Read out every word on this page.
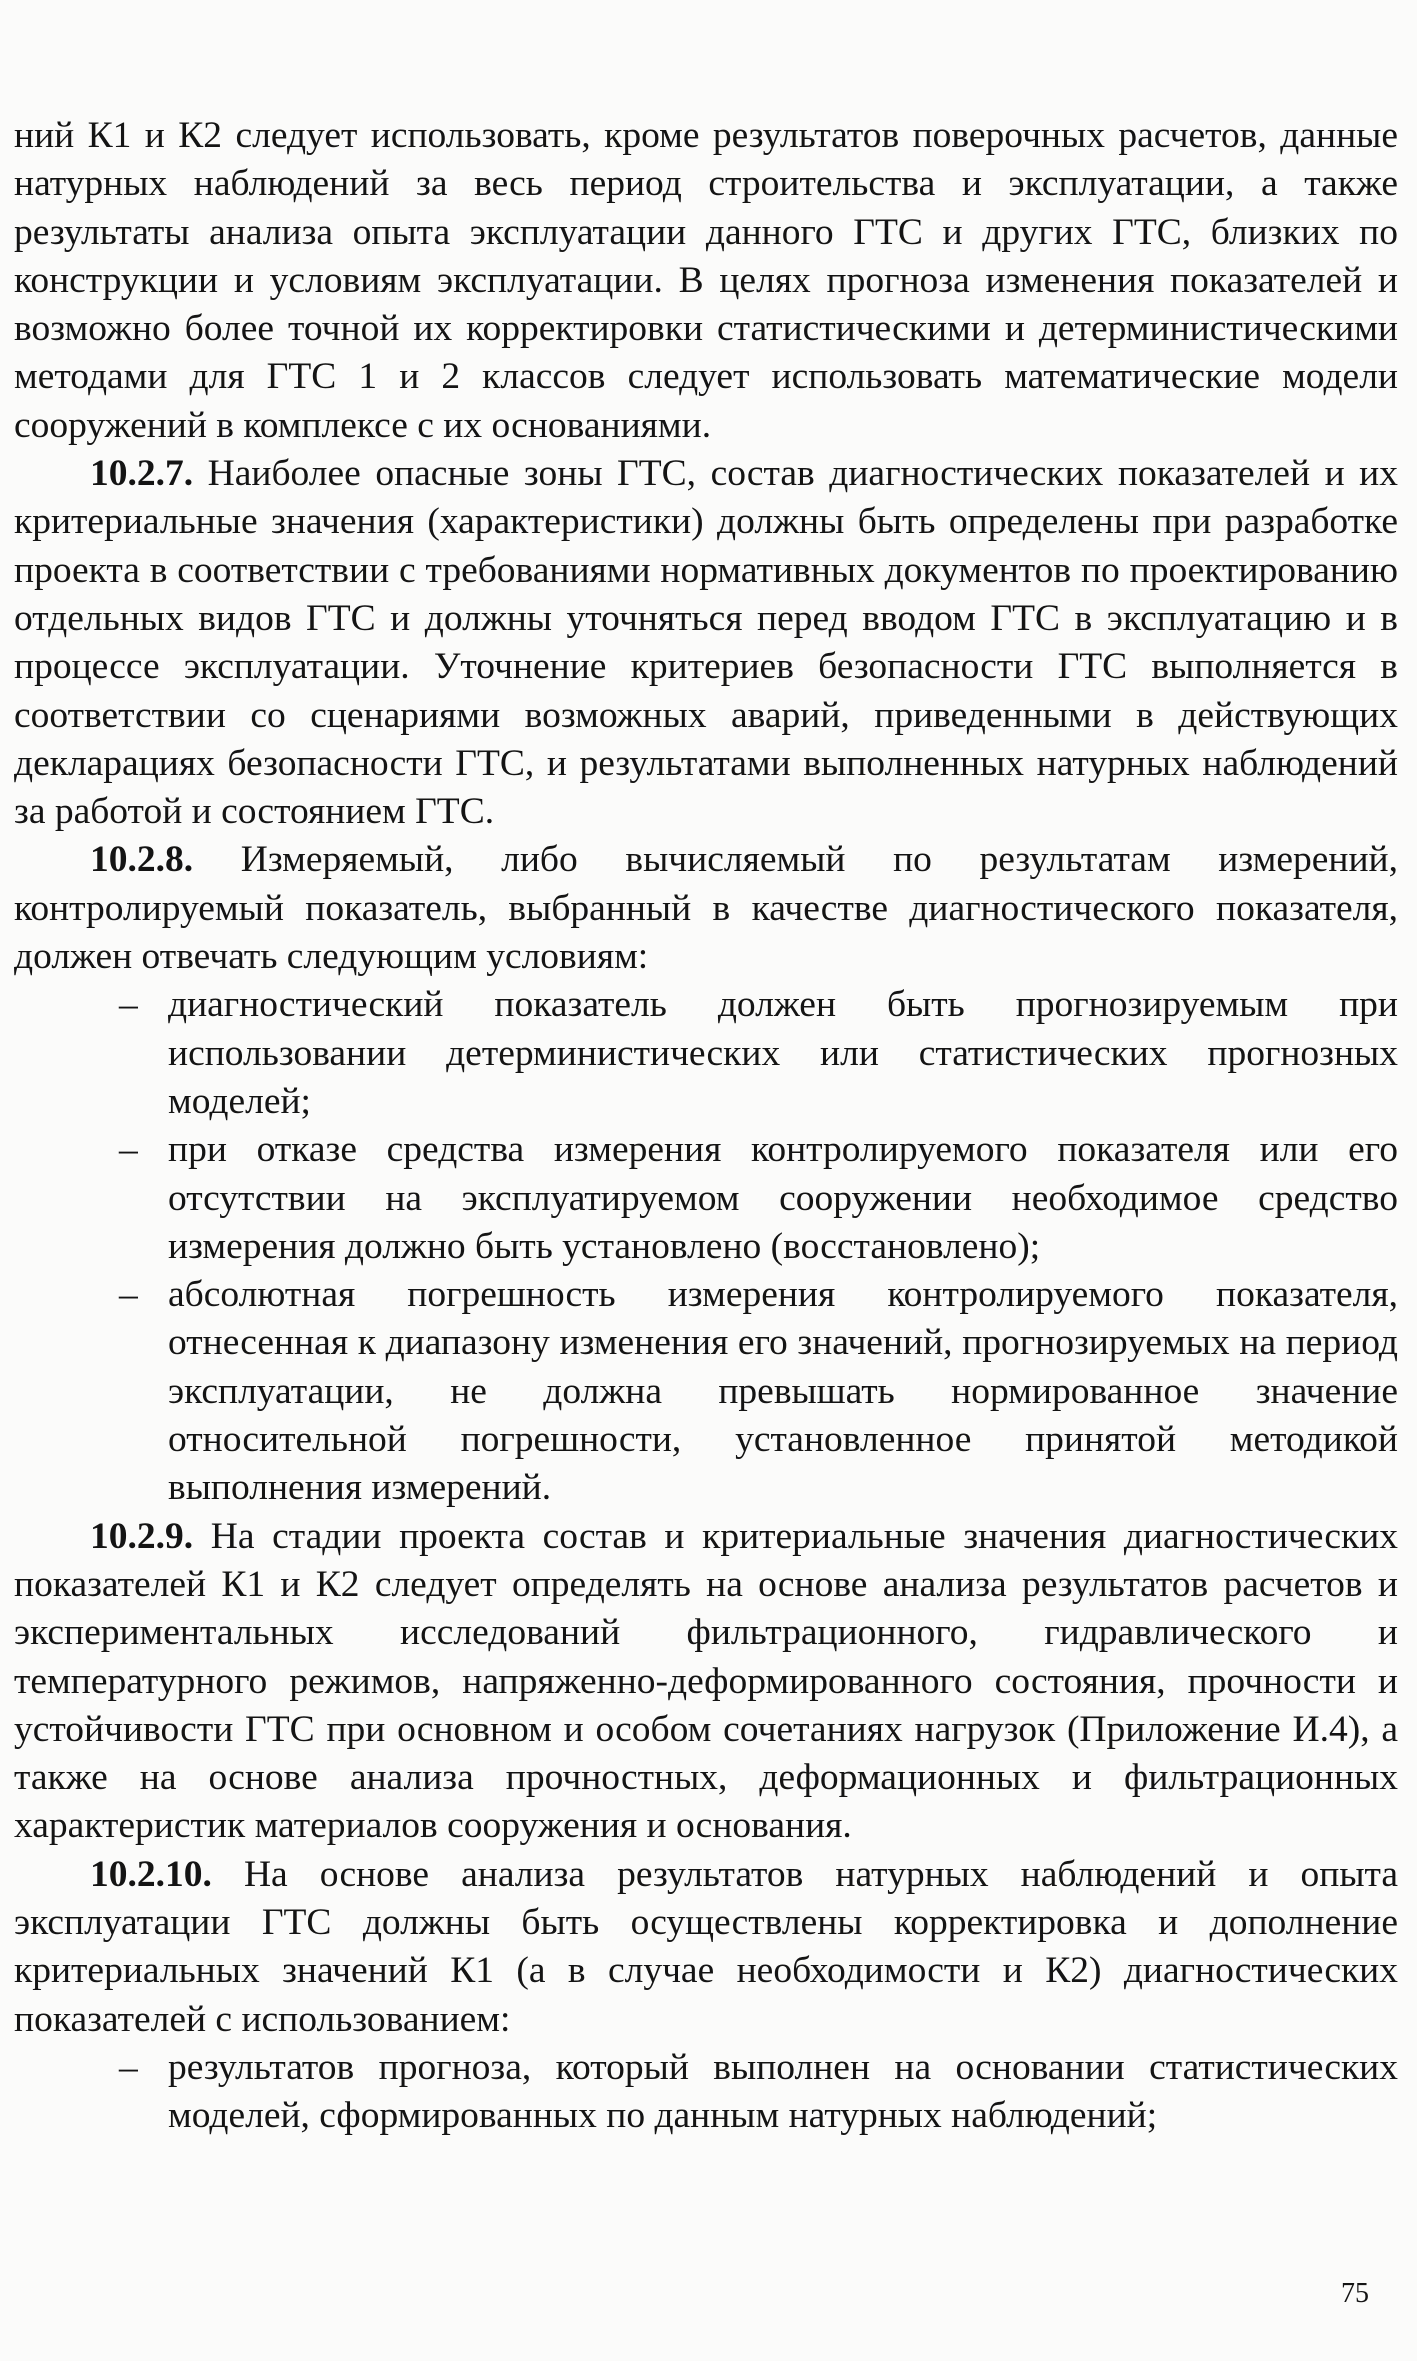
ний К1 и К2 следует использовать, кроме результатов поверочных расчетов, данные натурных наблюдений за весь период строительства и эксплуатации, а также результаты анализа опыта эксплуатации данного ГТС и других ГТС, близких по конструкции и условиям эксплуатации. В целях прогноза изменения показателей и возможно более точной их корректировки статистическими и детерминистическими методами для ГТС 1 и 2 классов следует использовать математические модели сооружений в комплексе с их основаниями.

10.2.7. Наиболее опасные зоны ГТС, состав диагностических показателей и их критериальные значения (характеристики) должны быть определены при разработке проекта в соответствии с требованиями нормативных документов по проектированию отдельных видов ГТС и должны уточняться перед вводом ГТС в эксплуатацию и в процессе эксплуатации. Уточнение критериев безопасности ГТС выполняется в соответствии со сценариями возможных аварий, приведенными в действующих декларациях безопасности ГТС, и результатами выполненных натурных наблюдений за работой и состоянием ГТС.

10.2.8. Измеряемый, либо вычисляемый по результатам измерений, контролируемый показатель, выбранный в качестве диагностического показателя, должен отвечать следующим условиям:

– диагностический показатель должен быть прогнозируемым при использовании детерминистических или статистических прогнозных моделей;
– при отказе средства измерения контролируемого показателя или его отсутствии на эксплуатируемом сооружении необходимое средство измерения должно быть установлено (восстановлено);
– абсолютная погрешность измерения контролируемого показателя, отнесенная к диапазону изменения его значений, прогнозируемых на период эксплуатации, не должна превышать нормированное значение относительной погрешности, установленное принятой методикой выполнения измерений.

10.2.9. На стадии проекта состав и критериальные значения диагностических показателей К1 и К2 следует определять на основе анализа результатов расчетов и экспериментальных исследований фильтрационного, гидравлического и температурного режимов, напряженно-деформированного состояния, прочности и устойчивости ГТС при основном и особом сочетаниях нагрузок (Приложение И.4), а также на основе анализа прочностных, деформационных и фильтрационных характеристик материалов сооружения и основания.

10.2.10. На основе анализа результатов натурных наблюдений и опыта эксплуатации ГТС должны быть осуществлены корректировка и дополнение критериальных значений К1 (а в случае необходимости и К2) диагностических показателей с использованием:

– результатов прогноза, который выполнен на основании статистических моделей, сформированных по данным натурных наблюдений;
75
